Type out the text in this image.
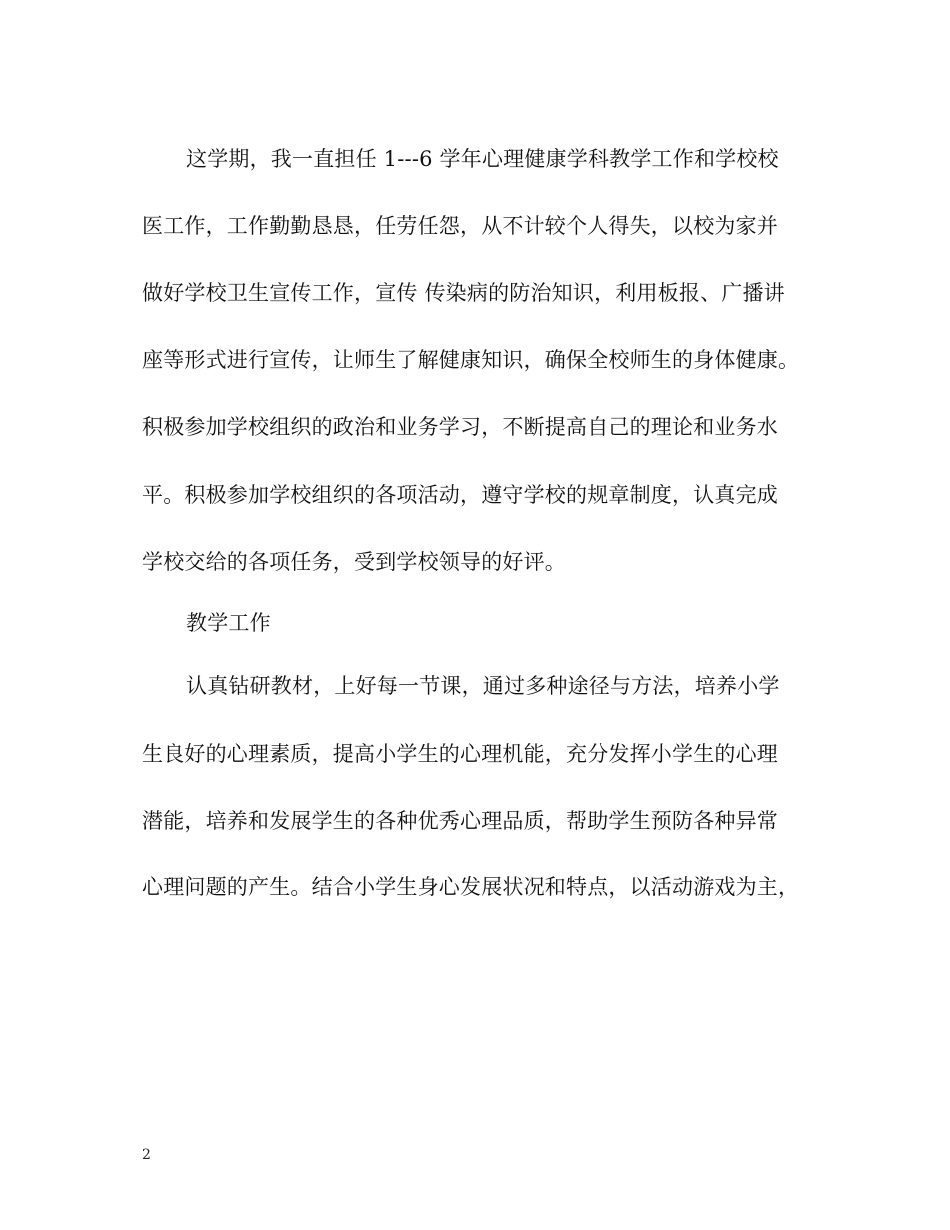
这学期，我一直担任 1---6 学年心理健康学科教学工作和学校校
医工作，工作勤勤恳恳，任劳任怨，从不计较个人得失，以校为家并
做好学校卫生宣传工作，宣传 传染病的防治知识，利用板报、广播讲
座等形式进行宣传，让师生了解健康知识，确保全校师生的身体健康。
积极参加学校组织的政治和业务学习，不断提高自己的理论和业务水
平。积极参加学校组织的各项活动，遵守学校的规章制度，认真完成
学校交给的各项任务，受到学校领导的好评。
教学工作
认真钻研教材，上好每一节课，通过多种途径与方法，培养小学
生良好的心理素质，提高小学生的心理机能，充分发挥小学生的心理
潜能，培养和发展学生的各种优秀心理品质，帮助学生预防各种异常
心理问题的产生。结合小学生身心发展状况和特点，以活动游戏为主，
2
